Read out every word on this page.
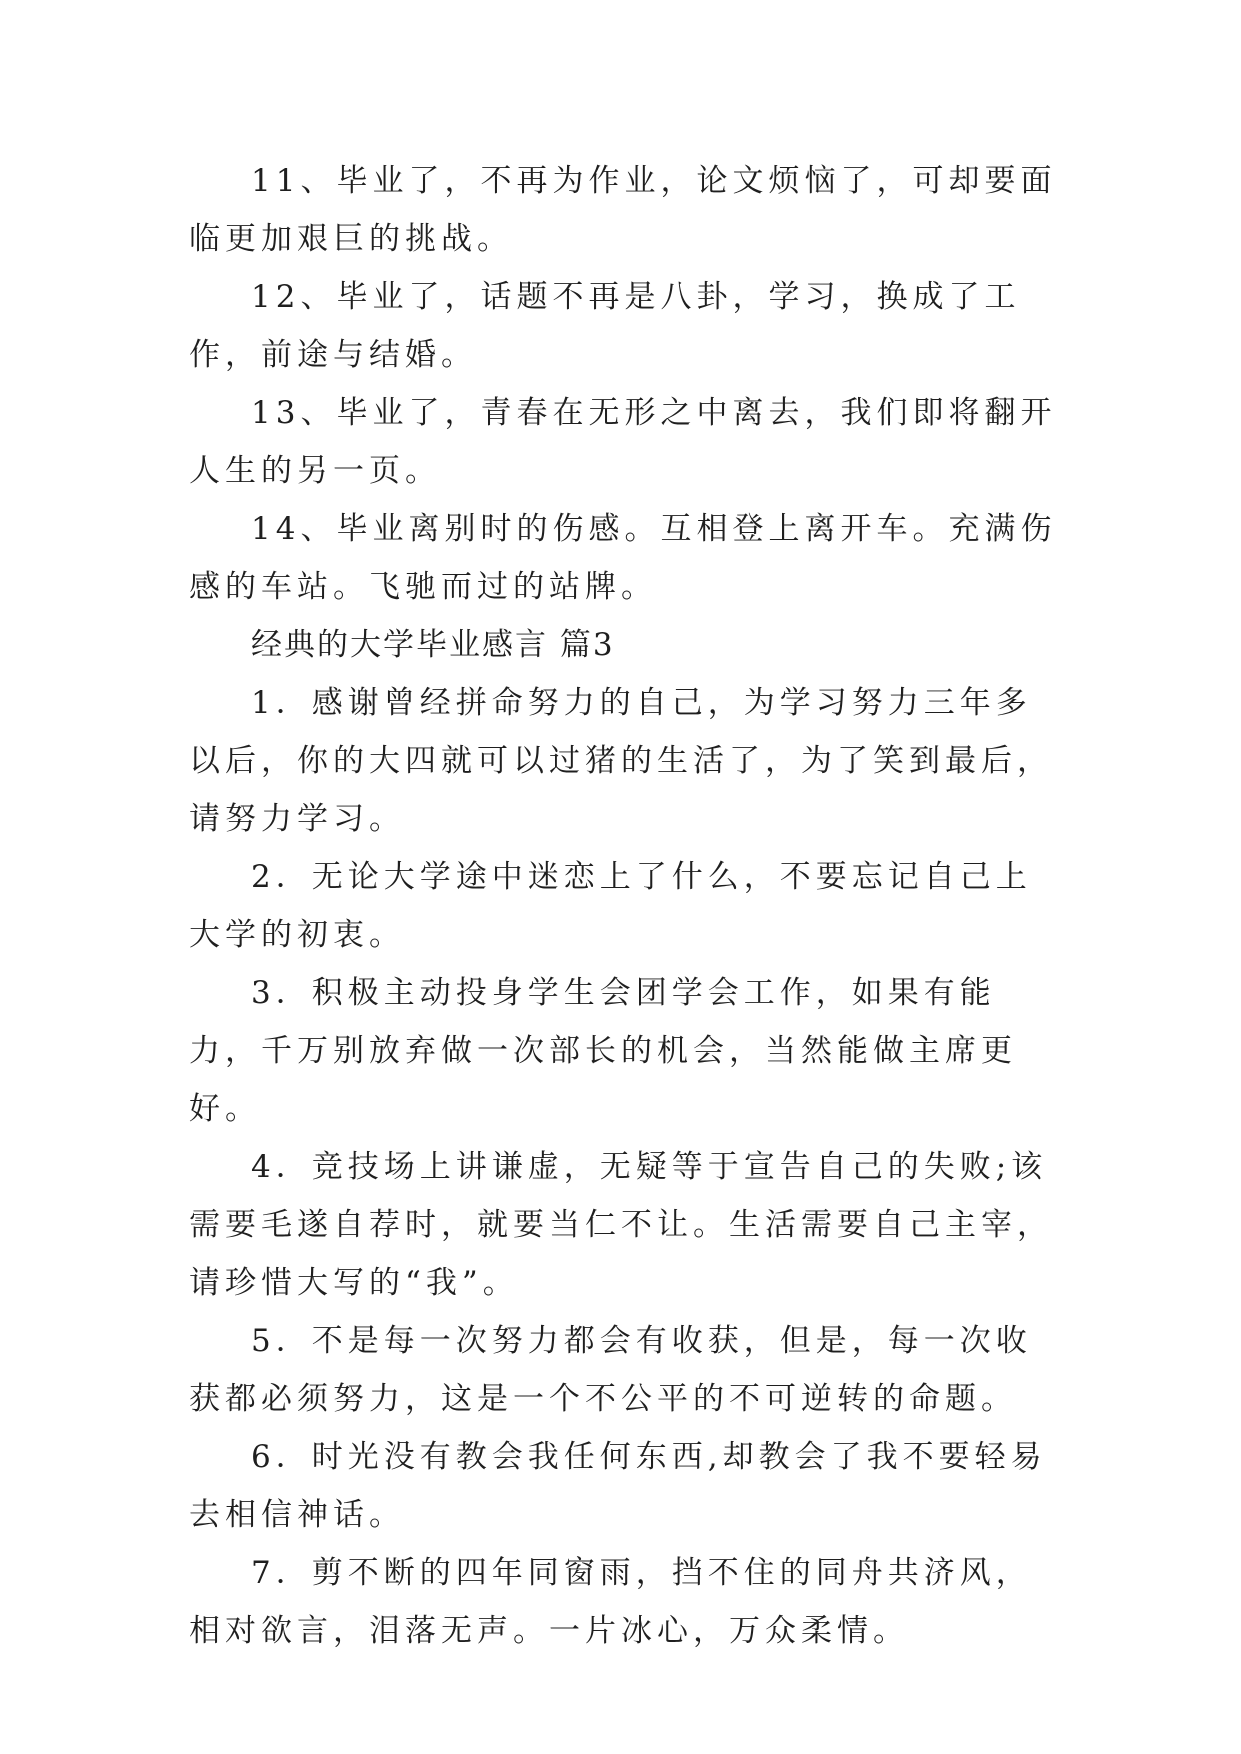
11、毕业了，不再为作业，论文烦恼了，可却要面临更加艰巨的挑战。

12、毕业了，话题不再是八卦，学习，换成了工作，前途与结婚。

13、毕业了，青春在无形之中离去，我们即将翻开人生的另一页。

14、毕业离别时的伤感。互相登上离开车。充满伤感的车站。飞驰而过的站牌。

经典的大学毕业感言 篇3

1．感谢曾经拼命努力的自己，为学习努力三年多以后，你的大四就可以过猪的生活了，为了笑到最后，请努力学习。

2．无论大学途中迷恋上了什么，不要忘记自己上大学的初衷。

3．积极主动投身学生会团学会工作，如果有能力，千万别放弃做一次部长的机会，当然能做主席更好。

4．竞技场上讲谦虚，无疑等于宣告自己的失败;该需要毛遂自荐时，就要当仁不让。生活需要自己主宰，请珍惜大写的“我”。

5．不是每一次努力都会有收获，但是，每一次收获都必须努力，这是一个不公平的不可逆转的命题。

6．时光没有教会我任何东西,却教会了我不要轻易去相信神话。

7．剪不断的四年同窗雨，挡不住的同舟共济风，相对欲言，泪落无声。一片冰心，万众柔情。
